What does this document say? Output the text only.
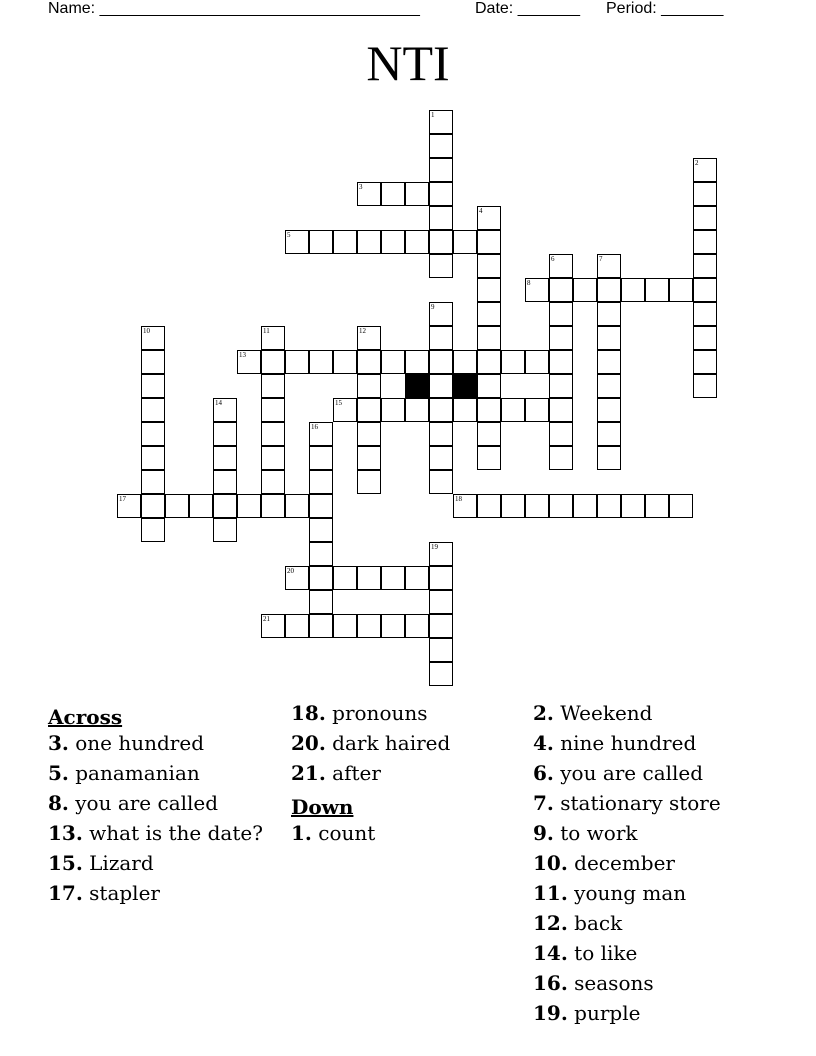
Name: ____________________________________	Date: _______ Period: _______
NTI
1
2
3
4
5
6	7
8
9
10	11	12
13
14	15
16
17	18
19
20
21
Across
3. one hundred
5. panamanian
8. you are called
13. what is the date?
15. Lizard
17. stapler
18. pronouns
20. dark haired
21. after
Down
1. count
2. Weekend
4. nine hundred
6. you are called
7. stationary store
9. to work
10. december
11. young man
12. back
14. to like
16. seasons
19. purple
